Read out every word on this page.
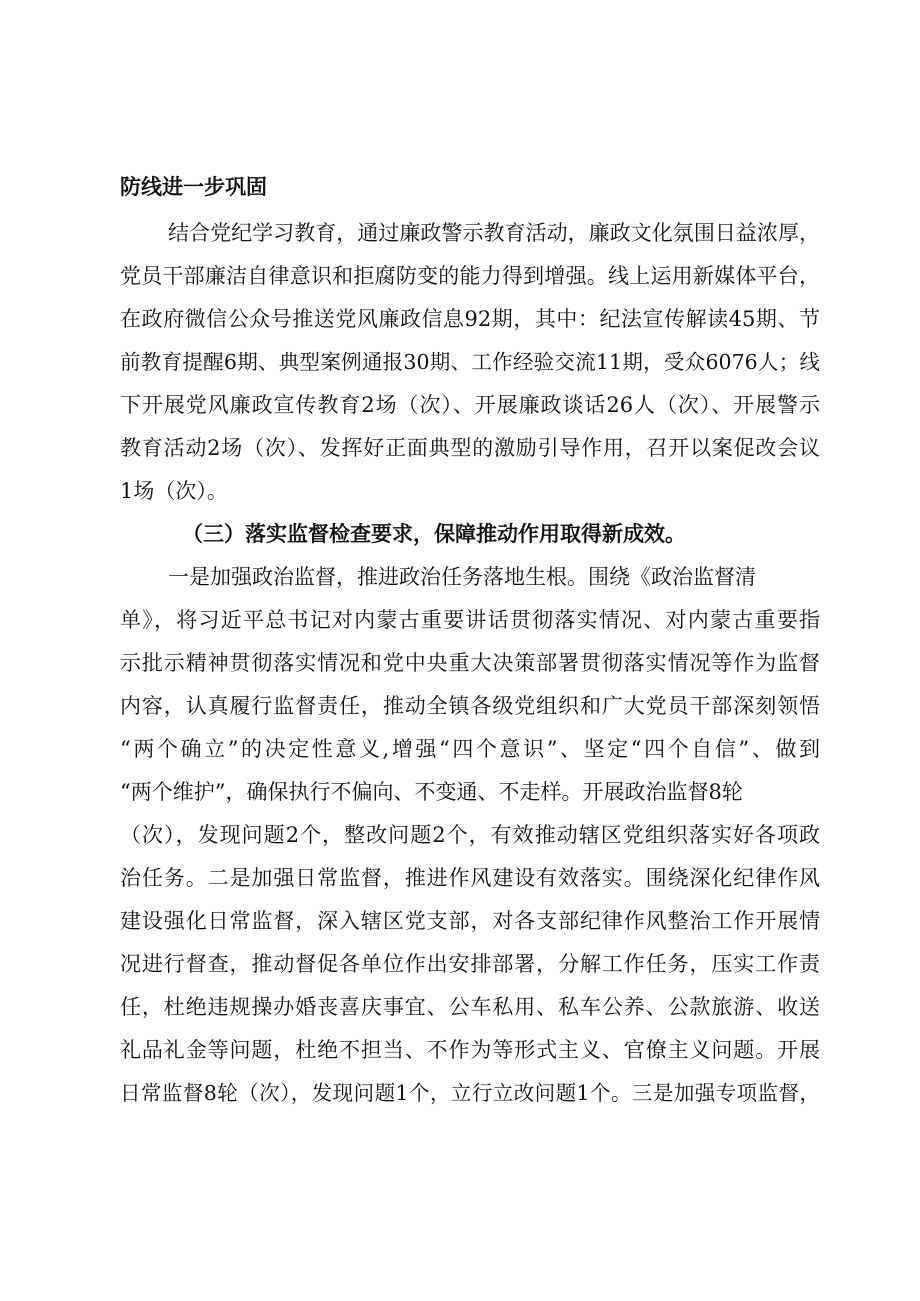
防线进一步巩固
结合党纪学习教育，通过廉政警示教育活动，廉政文化氛围日益浓厚，
党员干部廉洁自律意识和拒腐防变的能力得到增强。线上运用新媒体平台，
在政府微信公众号推送党风廉政信息92期，其中：纪法宣传解读45期、节
前教育提醒6期、典型案例通报30期、工作经验交流11期，受众6076人；线
下开展党风廉政宣传教育2场（次）、开展廉政谈话26人（次）、开展警示
教育活动2场（次）、发挥好正面典型的激励引导作用，召开以案促改会议
1场（次）。
（三）落实监督检查要求，保障推动作用取得新成效。
一是加强政治监督，推进政治任务落地生根。围绕《政治监督清
单》，将习近平总书记对内蒙古重要讲话贯彻落实情况、对内蒙古重要指
示批示精神贯彻落实情况和党中央重大决策部署贯彻落实情况等作为监督
内容，认真履行监督责任，推动全镇各级党组织和广大党员干部深刻领悟
“两个确立”的决定性意义,增强“四个意识”、坚定“四个自信”、做到
“两个维护”，确保执行不偏向、不变通、不走样。开展政治监督8轮
（次），发现问题2个，整改问题2个，有效推动辖区党组织落实好各项政
治任务。二是加强日常监督，推进作风建设有效落实。围绕深化纪律作风
建设强化日常监督，深入辖区党支部，对各支部纪律作风整治工作开展情
况进行督查，推动督促各单位作出安排部署，分解工作任务，压实工作责
任，杜绝违规操办婚丧喜庆事宜、公车私用、私车公养、公款旅游、收送
礼品礼金等问题，杜绝不担当、不作为等形式主义、官僚主义问题。开展
日常监督8轮（次），发现问题1个，立行立改问题1个。三是加强专项监督，
